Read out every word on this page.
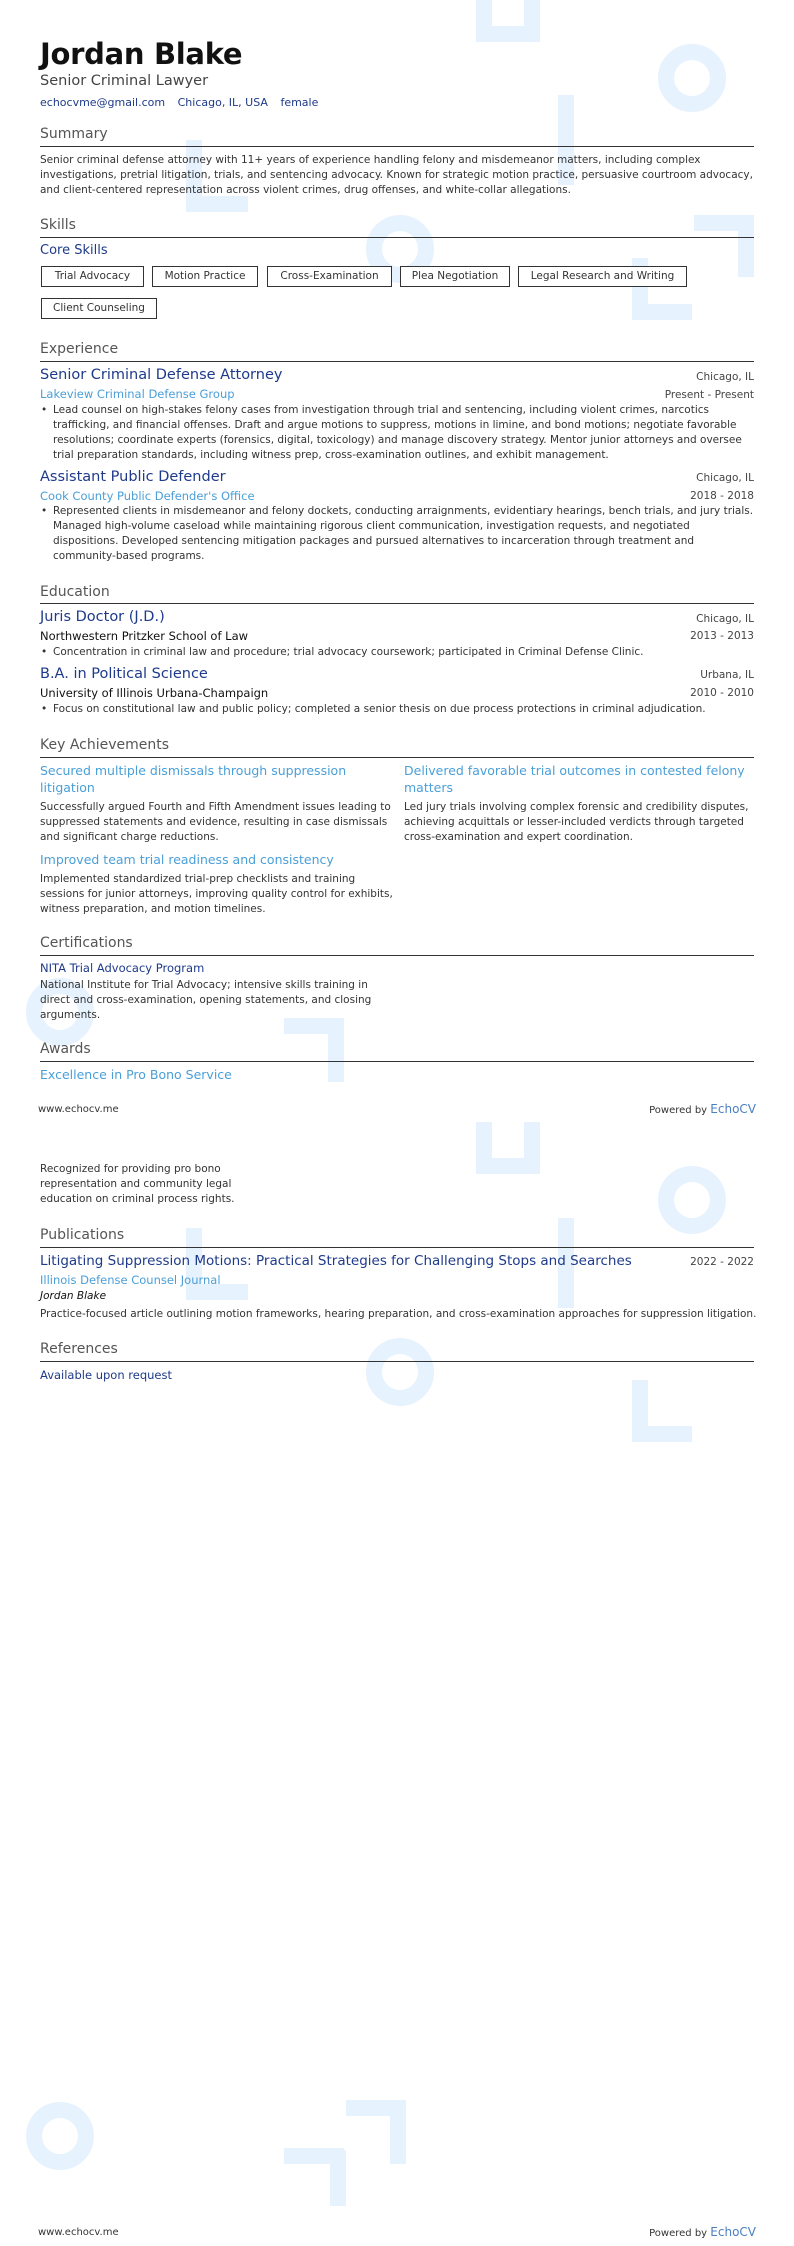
Jordan Blake
Senior Criminal Lawyer
echocvme@gmail.com Chicago, IL, USA female
Summary
Senior criminal defense attorney with 11+ years of experience handling felony and misdemeanor matters, including complex
investigations, pretrial litigation, trials, and sentencing advocacy. Known for strategic motion practice, persuasive courtroom advocacy,
and client-centered representation across violent crimes, drug offenses, and white-collar allegations.
Skills
Core Skills
Trial Advocacy	Motion Practice	Cross-Examination	Plea Negotiation	Legal Research and Writing
Client Counseling
Experience
Senior Criminal Defense Attorney	Chicago, IL
Lakeview Criminal Defense Group	Present - Present
• Lead counsel on high-stakes felony cases from investigation through trial and sentencing, including violent crimes, narcotics
trafficking, and financial offenses. Draft and argue motions to suppress, motions in limine, and bond motions; negotiate favorable
resolutions; coordinate experts (forensics, digital, toxicology) and manage discovery strategy. Mentor junior attorneys and oversee
trial preparation standards, including witness prep, cross-examination outlines, and exhibit management.
Assistant Public Defender	Chicago, IL
Cook County Public Defender's Office	2018 - 2018
• Represented clients in misdemeanor and felony dockets, conducting arraignments, evidentiary hearings, bench trials, and jury trials.
Managed high-volume caseload while maintaining rigorous client communication, investigation requests, and negotiated
dispositions. Developed sentencing mitigation packages and pursued alternatives to incarceration through treatment and
community-based programs.
Education
Juris Doctor (J.D.)	Chicago, IL
Northwestern Pritzker School of Law	2013 - 2013
• Concentration in criminal law and procedure; trial advocacy coursework; participated in Criminal Defense Clinic.
B.A. in Political Science	Urbana, IL
University of Illinois Urbana-Champaign	2010 - 2010
• Focus on constitutional law and public policy; completed a senior thesis on due process protections in criminal adjudication.
Key Achievements
Secured multiple dismissals through suppression
litigation
Successfully argued Fourth and Fifth Amendment issues leading to
suppressed statements and evidence, resulting in case dismissals
and significant charge reductions.
Delivered favorable trial outcomes in contested felony
matters
Led jury trials involving complex forensic and credibility disputes,
achieving acquittals or lesser-included verdicts through targeted
cross-examination and expert coordination.
Improved team trial readiness and consistency
Implemented standardized trial-prep checklists and training
sessions for junior attorneys, improving quality control for exhibits,
witness preparation, and motion timelines.
Certifications
NITA Trial Advocacy Program
National Institute for Trial Advocacy; intensive skills training in
direct and cross-examination, opening statements, and closing
arguments.
Awards
Excellence in Pro Bono Service
www.echocv.me	Powered by EchoCV
Recognized for providing pro bono
representation and community legal
education on criminal process rights.
Publications
Litigating Suppression Motions: Practical Strategies for Challenging Stops and Searches	2022 - 2022
Illinois Defense Counsel Journal
Jordan Blake
Practice-focused article outlining motion frameworks, hearing preparation, and cross-examination approaches for suppression litigation.
References
Available upon request
www.echocv.me	Powered by EchoCV
